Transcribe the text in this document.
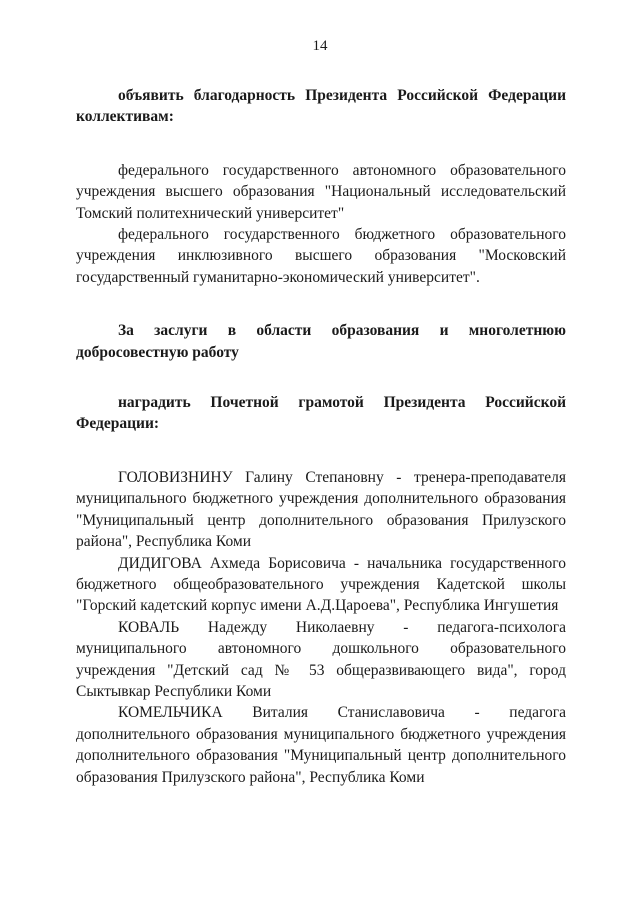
14

объявить благодарность Президента Российской Федерации коллективам:

федерального государственного автономного образовательного учреждения высшего образования "Национальный исследовательский Томский политехнический университет"

федерального государственного бюджетного образовательного учреждения инклюзивного высшего образования "Московский государственный гуманитарно-экономический университет".

За заслуги в области образования и многолетнюю добросовестную работу

наградить Почетной грамотой Президента Российской Федерации:

ГОЛОВИЗНИНУ Галину Степановну - тренера-преподавателя муниципального бюджетного учреждения дополнительного образования "Муниципальный центр дополнительного образования Прилузского района", Республика Коми

ДИДИГОВА Ахмеда Борисовича - начальника государственного бюджетного общеобразовательного учреждения Кадетской школы "Горский кадетский корпус имени А.Д.Цароева", Республика Ингушетия

КОВАЛЬ Надежду Николаевну - педагога-психолога муниципального автономного дошкольного образовательного учреждения "Детский сад № 53 общеразвивающего вида", город Сыктывкар Республики Коми

КОМЕЛЬЧИКА Виталия Станиславовича - педагога дополнительного образования муниципального бюджетного учреждения дополнительного образования "Муниципальный центр дополнительного образования Прилузского района", Республика Коми
